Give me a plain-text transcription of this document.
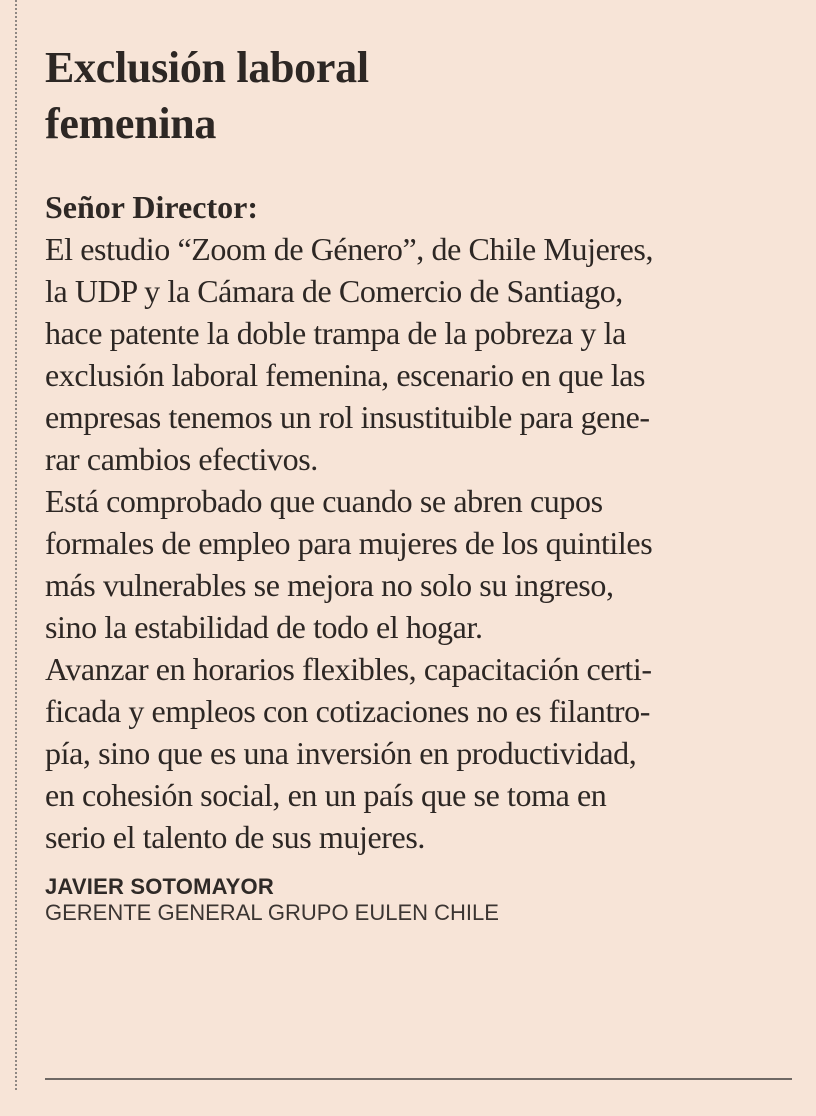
Exclusión laboral
femenina
Señor Director:

El estudio “Zoom de Género”, de Chile Mujeres,
la UDP y la Cámara de Comercio de Santiago,
hace patente la doble trampa de la pobreza y la
exclusión laboral femenina, escenario en que las
empresas tenemos un rol insustituible para gene-
rar cambios efectivos.

Está comprobado que cuando se abren cupos
formales de empleo para mujeres de los quintiles
más vulnerables se mejora no solo su ingreso,
sino la estabilidad de todo el hogar.

Avanzar en horarios flexibles, capacitación certi-
ficada y empleos con cotizaciones no es filantro-
pía, sino que es una inversión en productividad,
en cohesión social, en un país que se toma en
serio el talento de sus mujeres.

JAVIER SOTOMAYOR
GERENTE GENERAL GRUPO EULEN CHILE
